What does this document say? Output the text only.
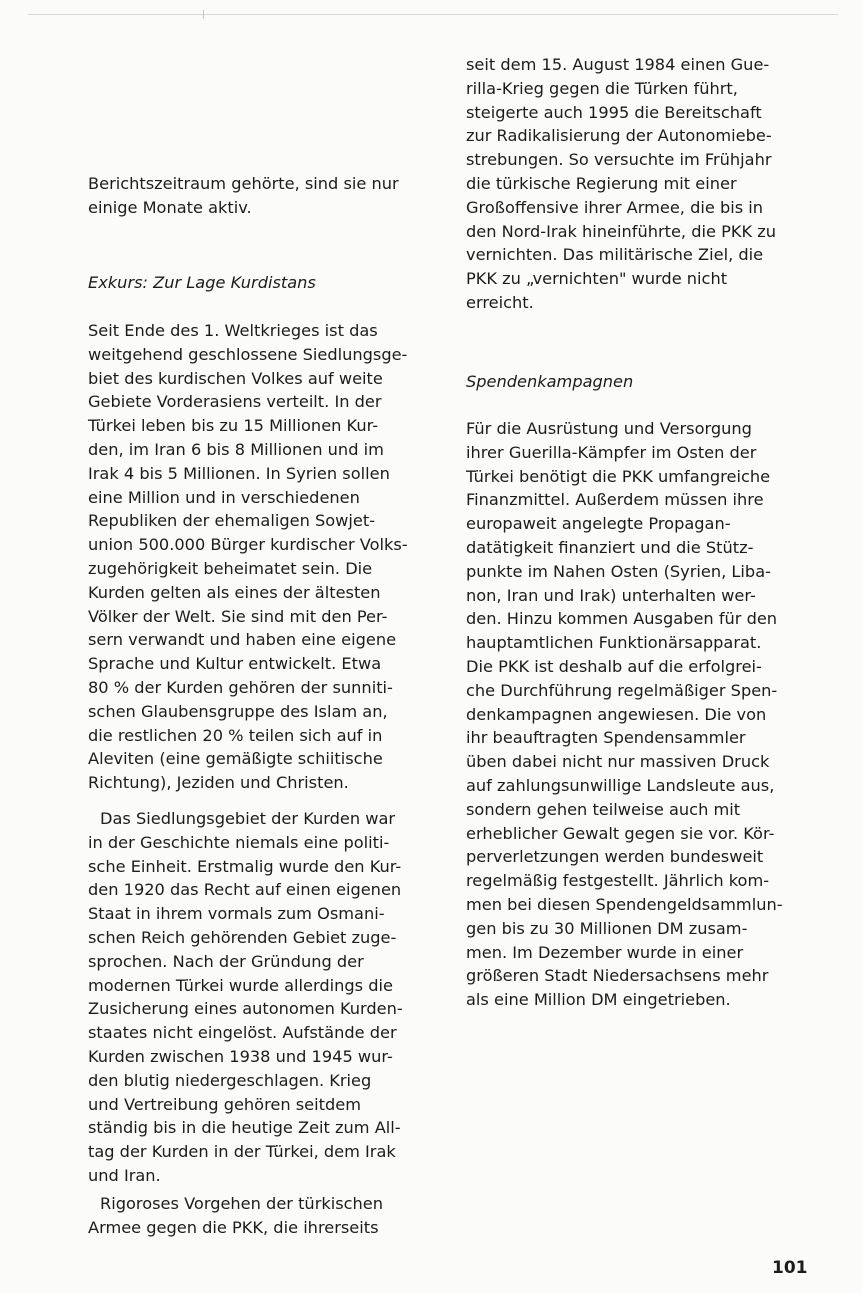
Berichtszeitraum gehörte, sind sie nur
einige Monate aktiv.

Exkurs: Zur Lage Kurdistans

Seit Ende des 1. Weltkrieges ist das
weitgehend geschlossene Siedlungsge-
biet des kurdischen Volkes auf weite
Gebiete Vorderasiens verteilt. In der
Türkei leben bis zu 15 Millionen Kur-
den, im Iran 6 bis 8 Millionen und im
Irak 4 bis 5 Millionen. In Syrien sollen
eine Million und in verschiedenen
Republiken der ehemaligen Sowjet-
union 500.000 Bürger kurdischer Volks-
zugehörigkeit beheimatet sein. Die
Kurden gelten als eines der ältesten
Völker der Welt. Sie sind mit den Per-
sern verwandt und haben eine eigene
Sprache und Kultur entwickelt. Etwa
80 % der Kurden gehören der sunniti-
schen Glaubensgruppe des Islam an,
die restlichen 20 % teilen sich auf in
Aleviten (eine gemäßigte schiitische
Richtung), Jeziden und Christen.

Das Siedlungsgebiet der Kurden war
in der Geschichte niemals eine politi-
sche Einheit. Erstmalig wurde den Kur-
den 1920 das Recht auf einen eigenen
Staat in ihrem vormals zum Osmani-
schen Reich gehörenden Gebiet zuge-
sprochen. Nach der Gründung der
modernen Türkei wurde allerdings die
Zusicherung eines autonomen Kurden-
staates nicht eingelöst. Aufstände der
Kurden zwischen 1938 und 1945 wur-
den blutig niedergeschlagen. Krieg
und Vertreibung gehören seitdem
ständig bis in die heutige Zeit zum All-
tag der Kurden in der Türkei, dem Irak
und Iran.

Rigoroses Vorgehen der türkischen
Armee gegen die PKK, die ihrerseits

seit dem 15. August 1984 einen Gue-
rilla-Krieg gegen die Türken führt,
steigerte auch 1995 die Bereitschaft
zur Radikalisierung der Autonomiebe-
strebungen. So versuchte im Frühjahr
die türkische Regierung mit einer
Großoffensive ihrer Armee, die bis in
den Nord-Irak hineinführte, die PKK zu
vernichten. Das militärische Ziel, die
PKK zu „vernichten" wurde nicht
erreicht.

Spendenkampagnen

Für die Ausrüstung und Versorgung
ihrer Guerilla-Kämpfer im Osten der
Türkei benötigt die PKK umfangreiche
Finanzmittel. Außerdem müssen ihre
europaweit angelegte Propagan-
datätigkeit finanziert und die Stütz-
punkte im Nahen Osten (Syrien, Liba-
non, Iran und Irak) unterhalten wer-
den. Hinzu kommen Ausgaben für den
hauptamtlichen Funktionärsapparat.
Die PKK ist deshalb auf die erfolgrei-
che Durchführung regelmäßiger Spen-
denkampagnen angewiesen. Die von
ihr beauftragten Spendensammler
üben dabei nicht nur massiven Druck
auf zahlungsunwillige Landsleute aus,
sondern gehen teilweise auch mit
erheblicher Gewalt gegen sie vor. Kör-
perverletzungen werden bundesweit
regelmäßig festgestellt. Jährlich kom-
men bei diesen Spendengeldsammlun-
gen bis zu 30 Millionen DM zusam-
men. Im Dezember wurde in einer
größeren Stadt Niedersachsens mehr
als eine Million DM eingetrieben.

101
